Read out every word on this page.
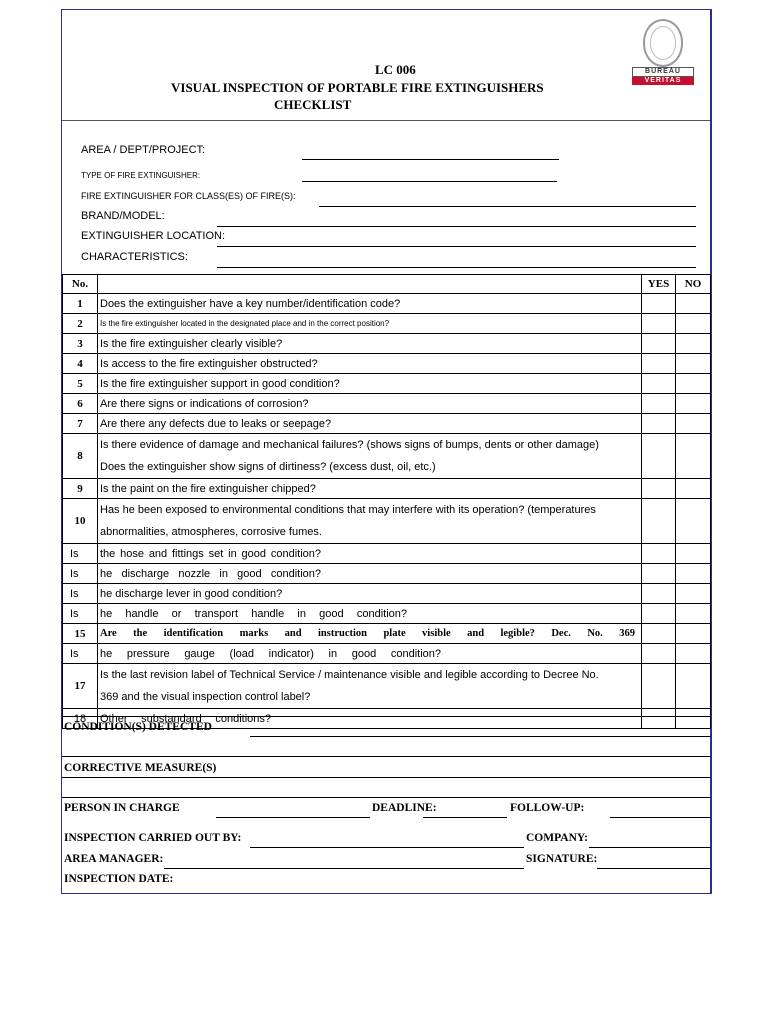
LC 006
VISUAL INSPECTION OF PORTABLE FIRE EXTINGUISHERS
CHECKLIST
BUREAU
VERITAS
AREA / DEPT/PROJECT:
TYPE OF FIRE EXTINGUISHER:
FIRE EXTINGUISHER FOR CLASS(ES) OF FIRE(S):
BRAND/MODEL:
EXTINGUISHER LOCATION:
CHARACTERISTICS:
No.		YES	NO
1	Does the extinguisher have a key number/identification code?		
2	Is the fire extinguisher located in the designated place and in the correct position?		
3	Is the fire extinguisher clearly visible?		
4	Is access to the fire extinguisher obstructed?		
5	Is the fire extinguisher support in good condition?		
6	Are there signs or indications of corrosion?		
7	Are there any defects due to leaks or seepage?		
8	Is there evidence of damage and mechanical failures? (shows signs of bumps, dents or other damage)
Does the extinguisher show signs of dirtiness? (excess dust, oil, etc.)		

9	Is the paint on the fire extinguisher chipped?		
10	Has he been exposed to environmental conditions that may interfere with its operation? (temperatures
abnormalities, atmospheres, corrosive fumes.		

Is	the hose and fittings set in good condition?		
Is	he discharge nozzle in good condition?		
Is	he discharge lever in good condition?		
Is	he handle or transport handle in good condition?		
15	Are the identification marks and instruction plate visible and legible? Dec. No. 369		
Is	he pressure gauge (load indicator) in good condition?		
17	Is the last revision label of Technical Service / maintenance visible and legible according to Decree No.
369 and the visual inspection control label?		

18	Other substandard conditions?		
CONDITION(S) DETECTED
CORRECTIVE MEASURE(S)
PERSON IN CHARGE	DEADLINE:	FOLLOW-UP:
INSPECTION CARRIED OUT BY:	COMPANY:
AREA MANAGER:	SIGNATURE:
INSPECTION DATE:
